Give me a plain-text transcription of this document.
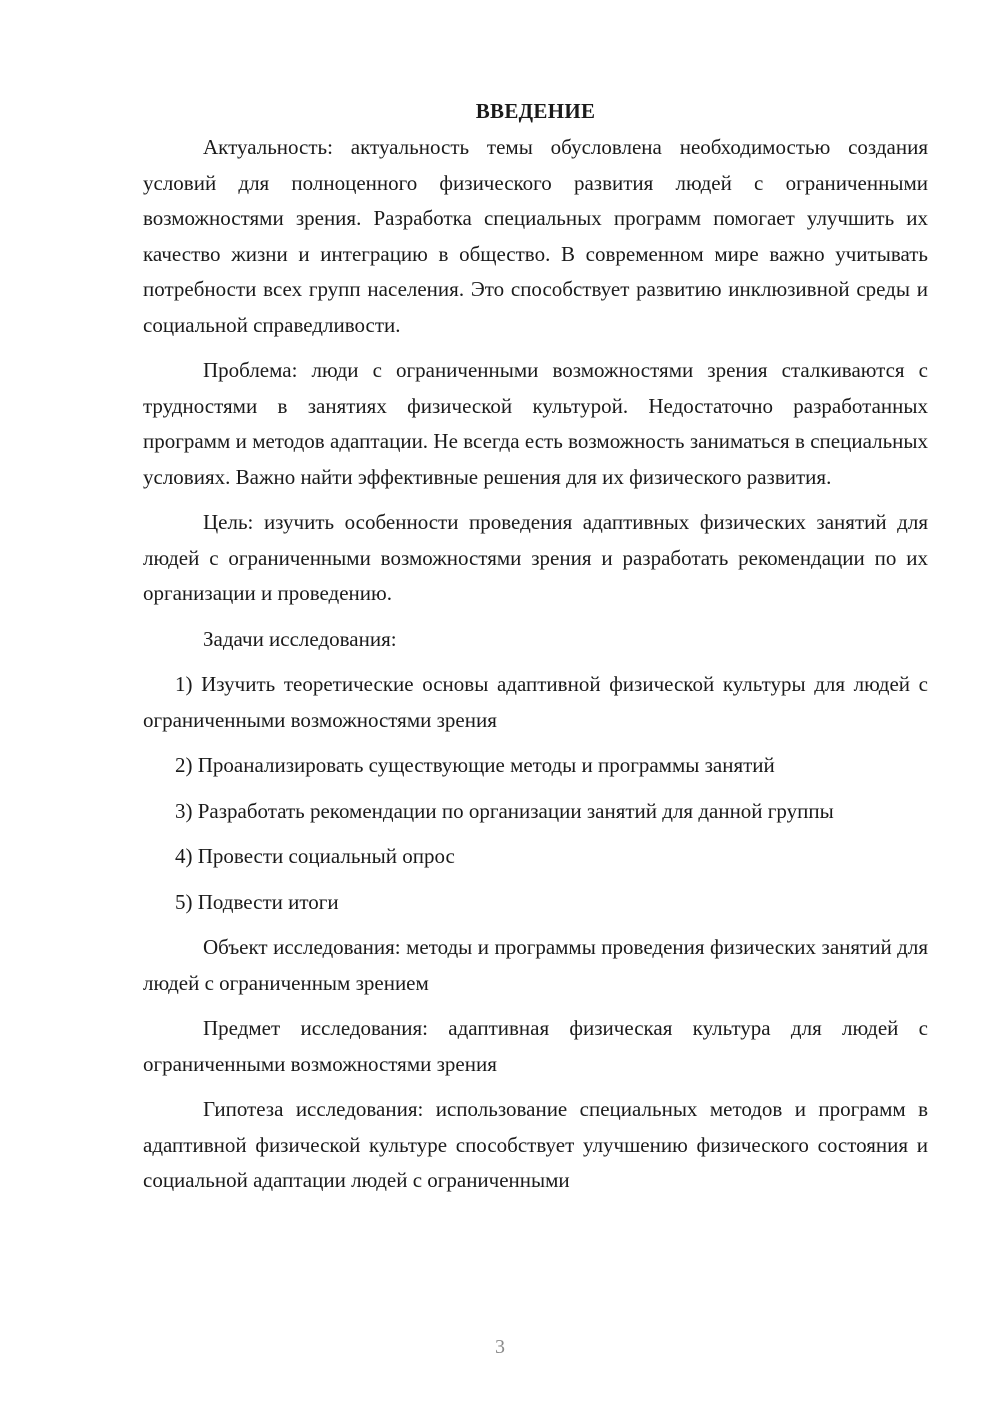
ВВЕДЕНИЕ

Актуальность: актуальность темы обусловлена необходимостью создания условий для полноценного физического развития людей с ограниченными возможностями зрения. Разработка специальных программ помогает улучшить их качество жизни и интеграцию в общество. В современном мире важно учитывать потребности всех групп населения. Это способствует развитию инклюзивной среды и социальной справедливости.

Проблема: люди с ограниченными возможностями зрения сталкиваются с трудностями в занятиях физической культурой. Недостаточно разработанных программ и методов адаптации. Не всегда есть возможность заниматься в специальных условиях. Важно найти эффективные решения для их физического развития.

Цель: изучить особенности проведения адаптивных физических занятий для людей с ограниченными возможностями зрения и разработать рекомендации по их организации и проведению.

Задачи исследования:

1) Изучить теоретические основы адаптивной физической культуры для людей с ограниченными возможностями зрения

2) Проанализировать существующие методы и программы занятий

3) Разработать рекомендации по организации занятий для данной группы

4) Провести социальный опрос

5) Подвести итоги

Объект исследования: методы и программы проведения физических занятий для людей с ограниченным зрением

Предмет исследования: адаптивная физическая культура для людей с ограниченными возможностями зрения

Гипотеза исследования: использование специальных методов и программ в адаптивной физической культуре способствует улучшению физического состояния и социальной адаптации людей с ограниченными

3
